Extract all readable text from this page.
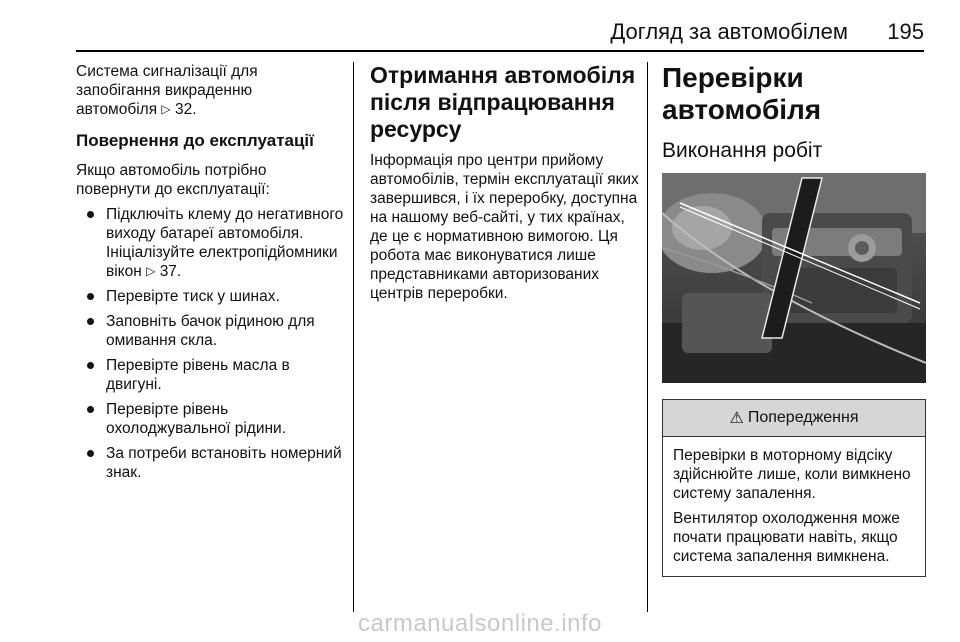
Догляд за автомобілем 195

Система сигналізації для
запобігання викраденню
автомобіля ▷ 32.

Повернення до експлуатації

Якщо автомобіль потрібно повернути до експлуатації:

Підключіть клему до негативного виходу батареї автомобіля. Ініціалізуйте електропідйомники вікон ▷ 37.
Перевірте тиск у шинах.
Заповніть бачок рідиною для омивання скла.
Перевірте рівень масла в двигуні.
Перевірте рівень охолоджувальної рідини.
За потреби встановіть номерний знак.
Отримання автомобіля після відпрацювання ресурсу

Інформація про центри прийому автомобілів, термін експлуатації яких завершився, і їх переробку, доступна на нашому веб-сайті, у тих країнах, де це є нормативною вимогою. Ця робота має виконуватися лише представниками авторизованих центрів переробки.

Перевірки автомобіля
Виконання робіт
⚠ Попередження

Перевірки в моторному відсіку здійснюйте лише, коли вимкнено систему запалення.

Вентилятор охолодження може почати працювати навіть, якщо система запалення вимкнена.

carmanualsonline.info
